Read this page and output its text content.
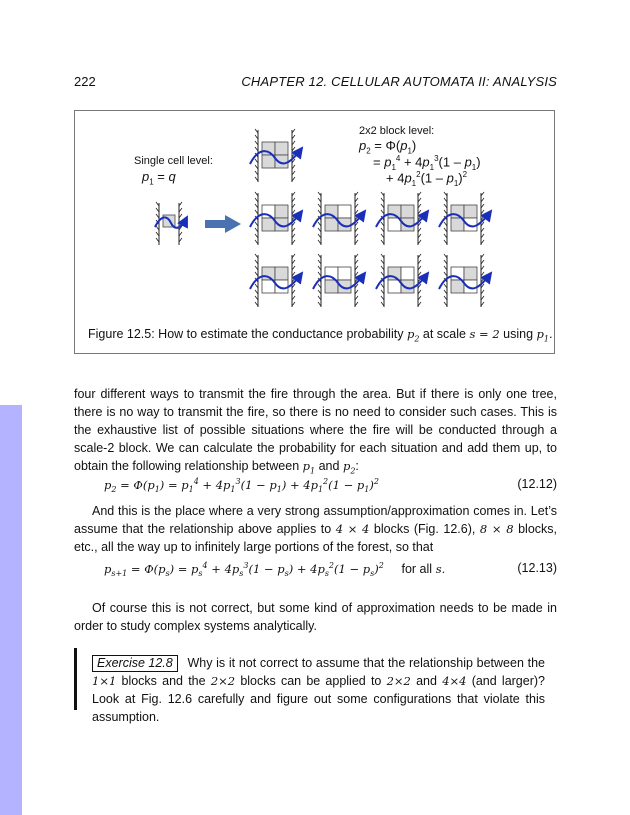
222	CHAPTER 12. CELLULAR AUTOMATA II: ANALYSIS
Single cell level:
$p_1 = q$
2x2 block level:
$p_2 = \Phi(p_1)$
= $p_1^4 + 4p_1^3(1 - p_1)$
+ $4p_1^2(1 - p_1)^2$
Figure 12.5: How to estimate the conductance probability $p_2$ at scale s = 2 using $p_1$.
four different ways to transmit the fire through the area. But if there is only one tree, there is no way to transmit the fire, so there is no need to consider such cases. This is the exhaustive list of possible situations where the fire will be conducted through a scale-2 block. We can calculate the probability for each situation and add them up, to obtain the following relationship between $p_1$ and $p_2$:
$p_2 = \Phi(p_1) = p_1^4 + 4p_1^3(1 - p_1) + 4p_1^2(1 - p_1)^2$	(12.12)
And this is the place where a very strong assumption/approximation comes in. Let’s assume that the relationship above applies to 4 × 4 blocks (Fig. 12.6), 8 × 8 blocks, etc., all the way up to infinitely large portions of the forest, so that
$p_{s+1} = \Phi(p_s) = p_s^4 + 4p_s^3(1 - p_s) + 4p_s^2(1 - p_s)^2$ for all s.	(12.13)
Of course this is not correct, but some kind of approximation needs to be made in order to study complex systems analytically.
Exercise 12.8 Why is it not correct to assume that the relationship between the 1×1 blocks and the 2×2 blocks can be applied to 2×2 and 4×4 (and larger)? Look at Fig. 12.6 carefully and figure out some configurations that violate this assumption.
